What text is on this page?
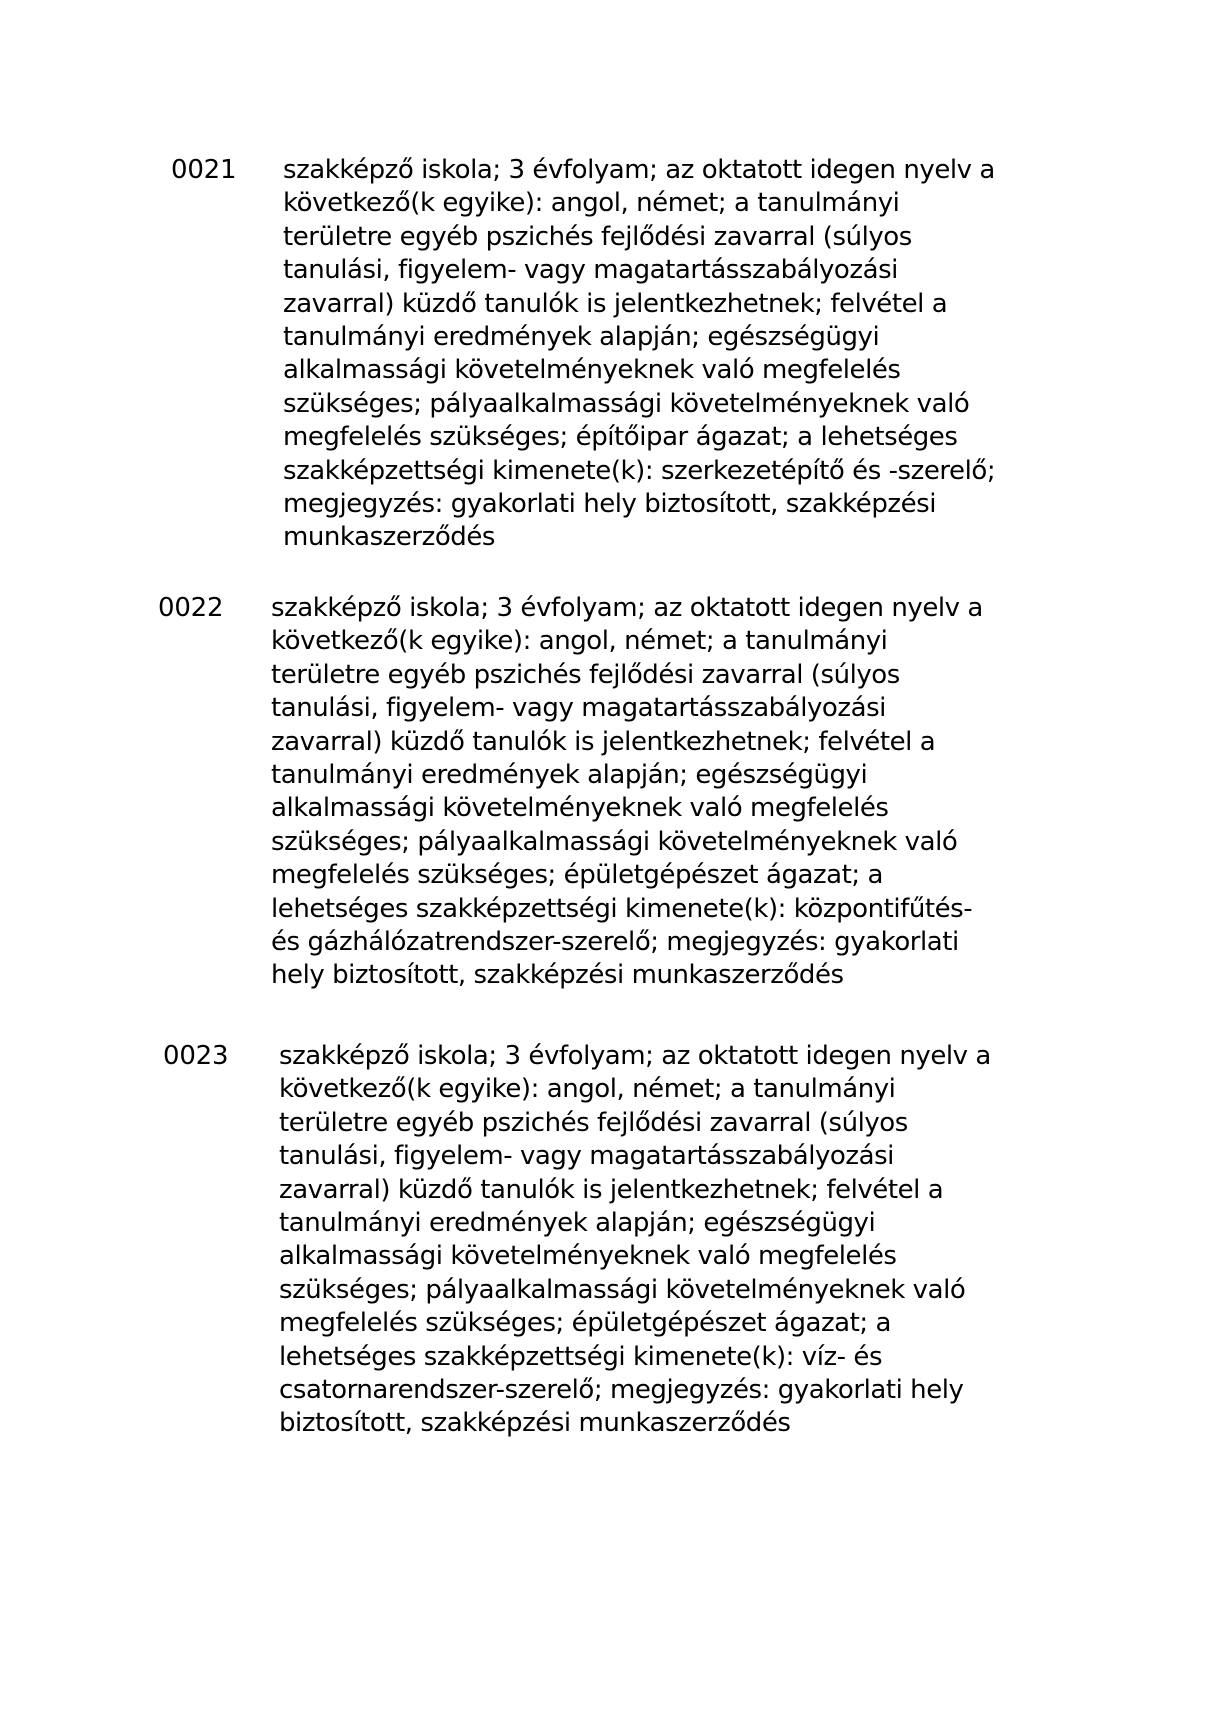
0021 szakképző iskola; 3 évfolyam; az oktatott idegen nyelv a
következő(k egyike): angol, német; a tanulmányi
területre egyéb pszichés fejlődési zavarral (súlyos
tanulási, figyelem- vagy magatartásszabályozási
zavarral) küzdő tanulók is jelentkezhetnek; felvétel a
tanulmányi eredmények alapján; egészségügyi
alkalmassági követelményeknek való megfelelés
szükséges; pályaalkalmassági követelményeknek való
megfelelés szükséges; építőipar ágazat; a lehetséges
szakképzettségi kimenete(k): szerkezetépítő és -szerelő;
megjegyzés: gyakorlati hely biztosított, szakképzési
munkaszerződés
0022 szakképző iskola; 3 évfolyam; az oktatott idegen nyelv a
következő(k egyike): angol, német; a tanulmányi
területre egyéb pszichés fejlődési zavarral (súlyos
tanulási, figyelem- vagy magatartásszabályozási
zavarral) küzdő tanulók is jelentkezhetnek; felvétel a
tanulmányi eredmények alapján; egészségügyi
alkalmassági követelményeknek való megfelelés
szükséges; pályaalkalmassági követelményeknek való
megfelelés szükséges; épületgépészet ágazat; a
lehetséges szakképzettségi kimenete(k): központifűtés-
és gázhálózatrendszer-szerelő; megjegyzés: gyakorlati
hely biztosított, szakképzési munkaszerződés
0023 szakképző iskola; 3 évfolyam; az oktatott idegen nyelv a
következő(k egyike): angol, német; a tanulmányi
területre egyéb pszichés fejlődési zavarral (súlyos
tanulási, figyelem- vagy magatartásszabályozási
zavarral) küzdő tanulók is jelentkezhetnek; felvétel a
tanulmányi eredmények alapján; egészségügyi
alkalmassági követelményeknek való megfelelés
szükséges; pályaalkalmassági követelményeknek való
megfelelés szükséges; épületgépészet ágazat; a
lehetséges szakképzettségi kimenete(k): víz- és
csatornarendszer-szerelő; megjegyzés: gyakorlati hely
biztosított, szakképzési munkaszerződés
